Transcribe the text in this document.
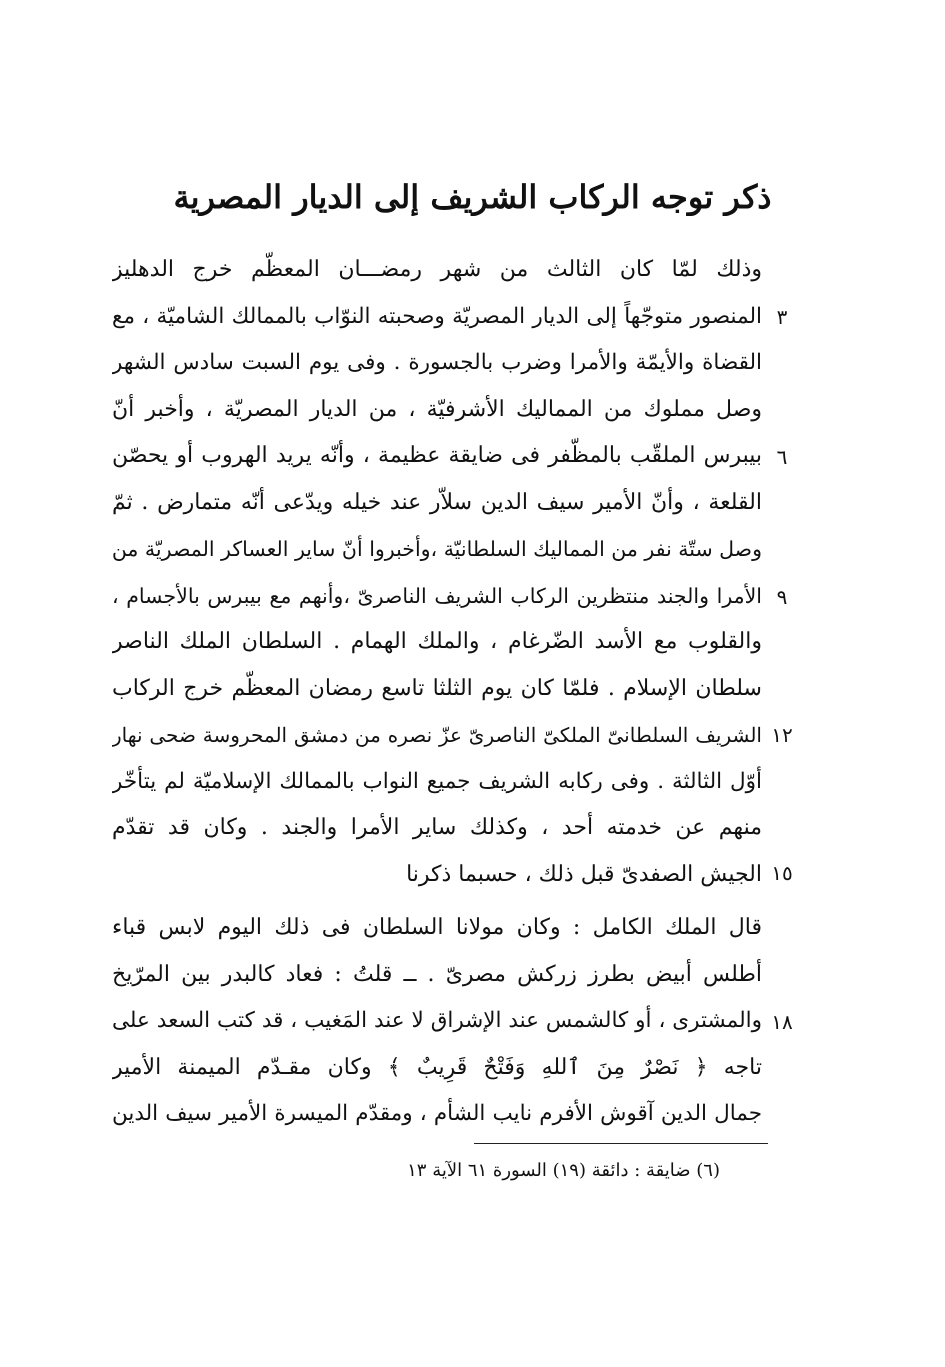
ذكر توجه الركاب الشريف إلى الديار المصرية
وذلك لمّا كان الثالث من شهر رمضـــان المعظّم خرج الدهليز
المنصور متوجّهاً إلى الديار المصريّة وصحبته النوّاب بالممالك الشاميّة ، مع
القضاة والأيمّة والأمرا وضرب بالجسورة . وفى يوم السبت سادس الشهر
وصل مملوك من المماليك الأشرفيّة ، من الديار المصريّة ، وأخبر أنّ
بيبرس الملقّب بالمظّفر فى ضايقة عظيمة ، وأنّه يريد الهروب أو يحصّن
القلعة ، وأنّ الأمير سيف الدين سلاّر عند خيله ويدّعى أنّه متمارض . ثمّ
وصل ستّة نفر من المماليك السلطانيّة ،وأخبروا أنّ ساير العساكر المصريّة من
الأمرا والجند منتظرين الركاب الشريف الناصرىّ ،وأنهم مع بيبرس بالأجسام ،
والقلوب مع الأسد الضّرغام ، والملك الهمام . السلطان الملك الناصر
سلطان الإسلام . فلمّا كان يوم الثلثا تاسع رمضان المعظّم خرج الركاب
الشريف السلطانىّ الملكىّ الناصرىّ عزّ نصره من دمشق المحروسة ضحى نهار
أوّل الثالثة . وفى ركابه الشريف جميع النواب بالممالك الإسلاميّة لم يتأخّر
منهم عن خدمته أحد ، وكذلك ساير الأمرا والجند . وكان قد تقدّم
الجيش الصفدىّ قبل ذلك ، حسبما ذكرنا
قال الملك الكامل : وكان مولانا السلطان فى ذلك اليوم لابس قباء
أطلس أبيض بطرز زركش مصرىّ . ــ قلتُ : فعاد كالبدر بين المرّيخ
والمشترى ، أو كالشمس عند الإشراق لا عند المَغيب ، قد كتب السعد على
تاجه ﴿ نَصْرٌ مِنَ ٱللهِ وَفَتْحٌ قَرِيبٌ ﴾ وكان مقـدّم الميمنة الأمير
جمال الدين آقوش الأفرم نايب الشأم ، ومقدّم الميسرة الأمير سيف الدين
٣
٦
٩
١٢
١٥
١٨
(٦) ضايقة : دائقة (١٩) السورة ٦١ الآية ١٣
